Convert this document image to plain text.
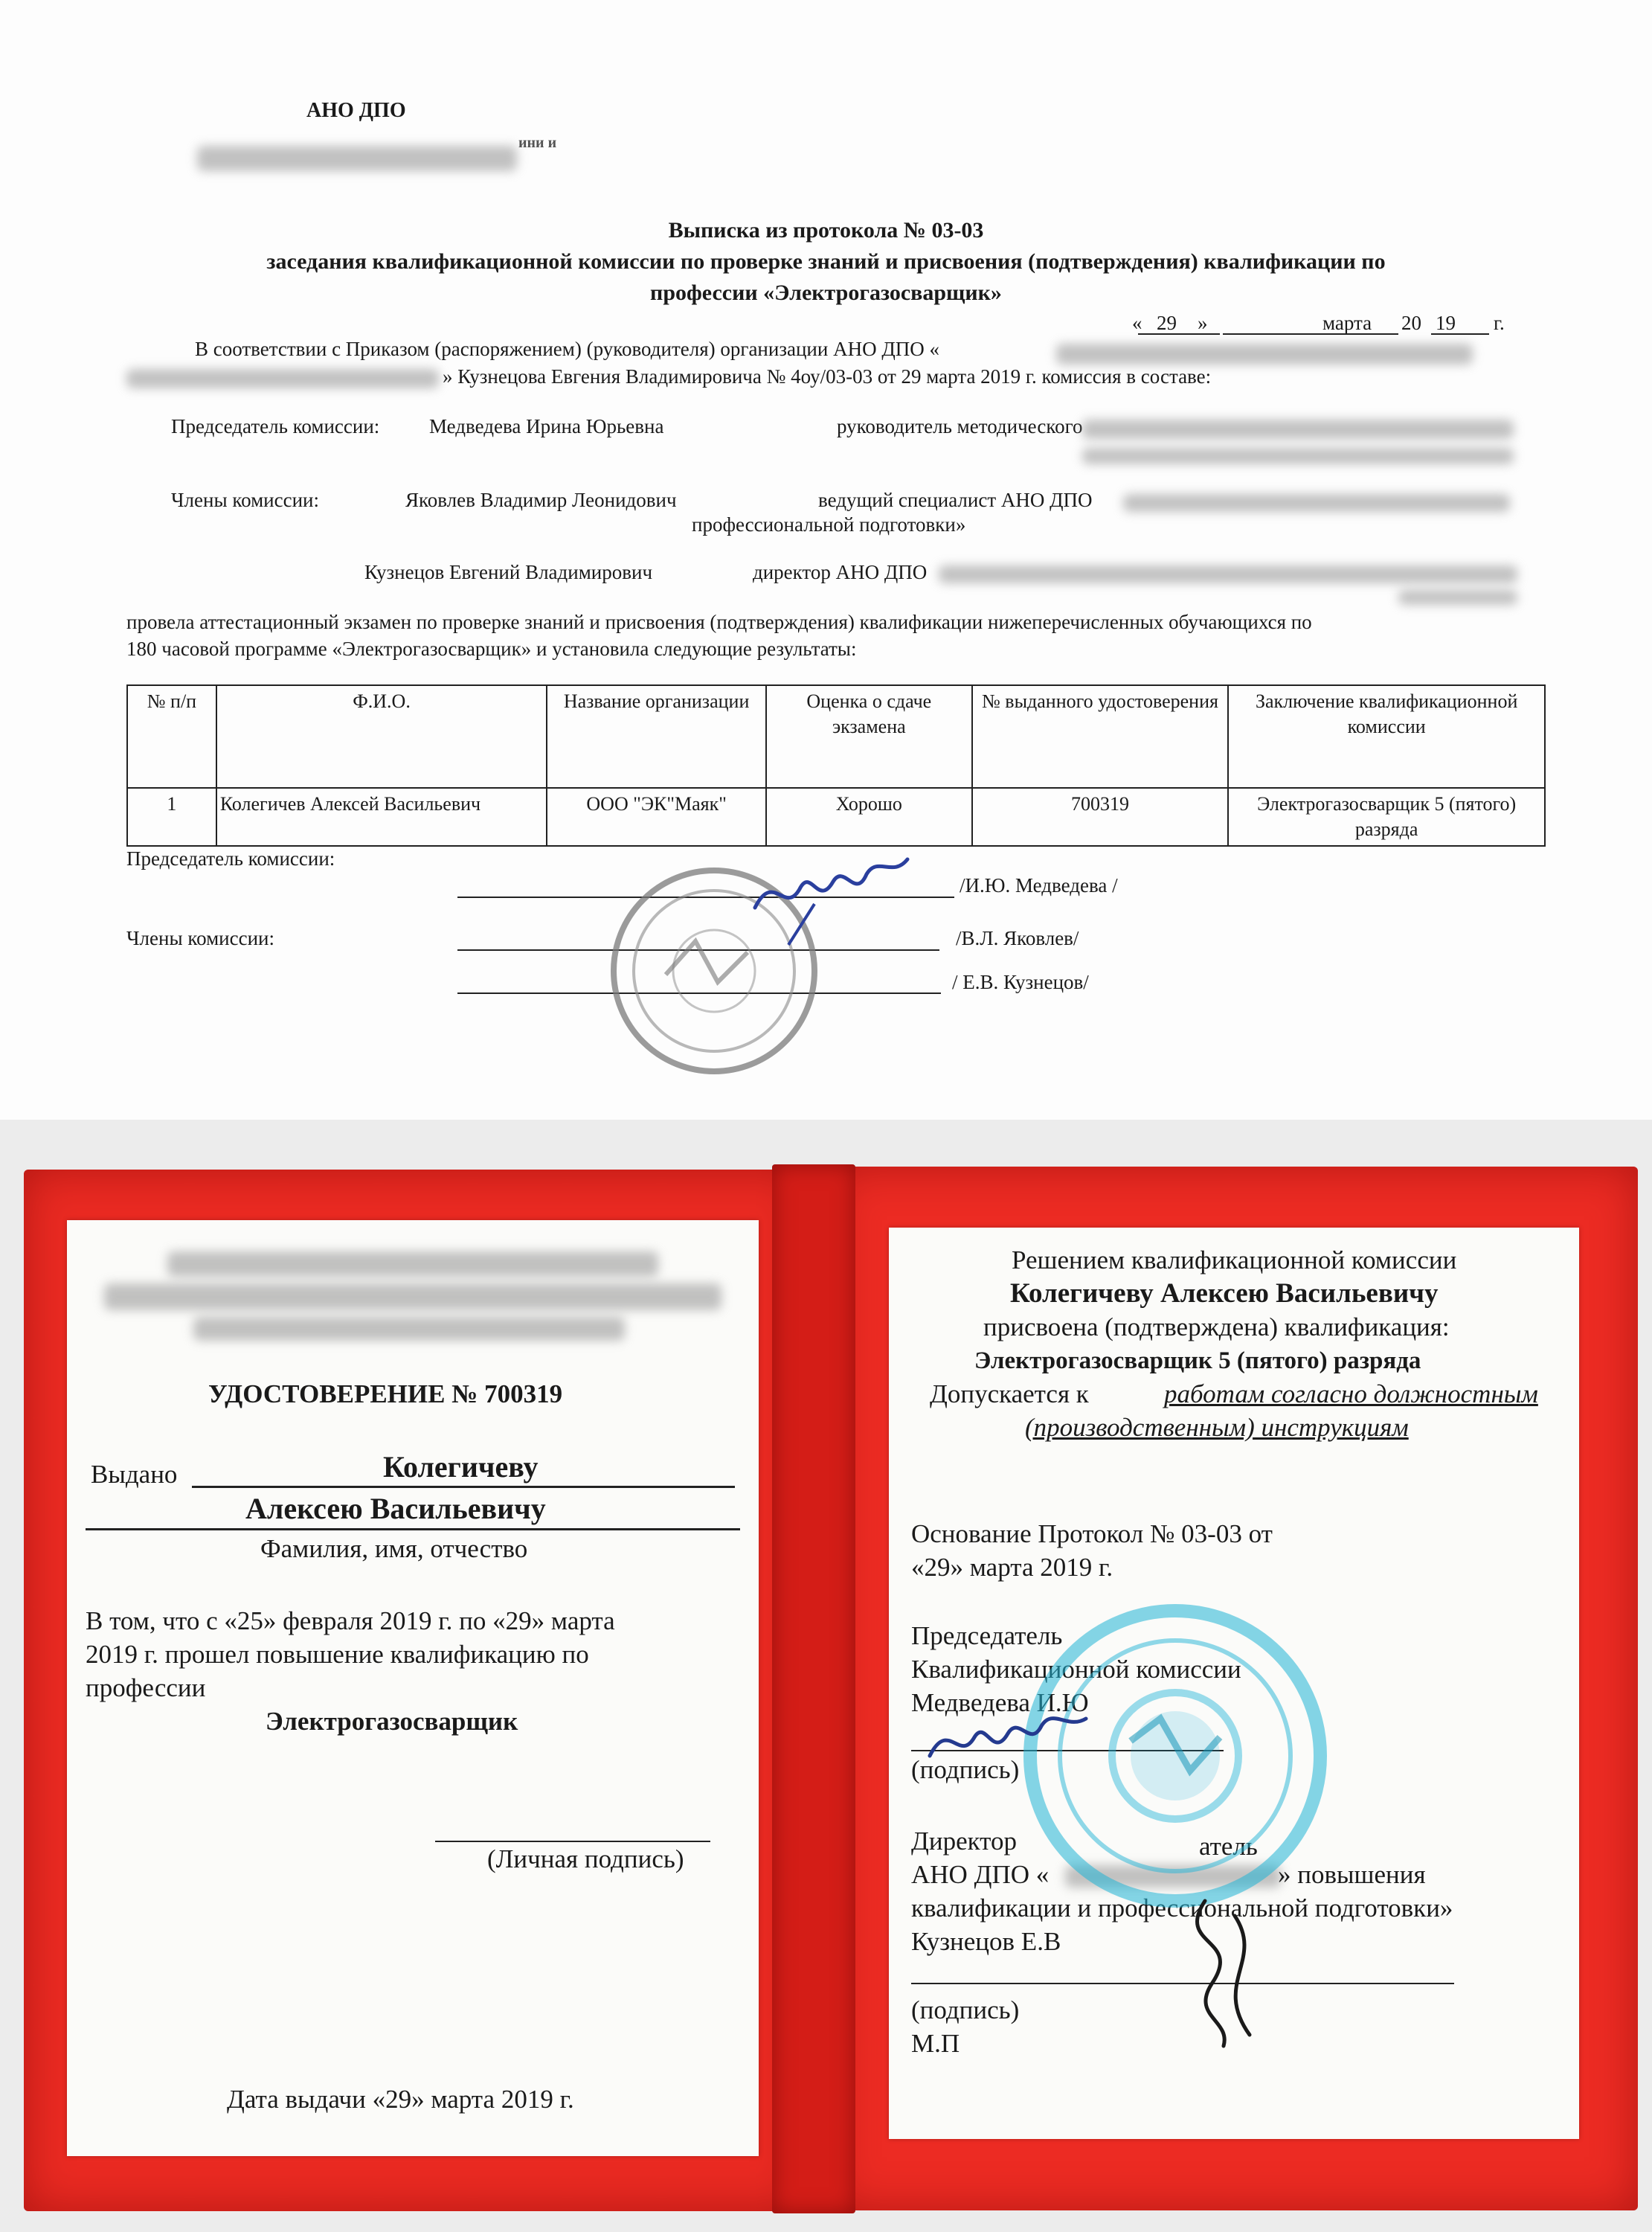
АНО ДПО
ини и
Выписка из протокола № 03-03
заседания квалификационной комиссии по проверке знаний и присвоения (подтверждения) квалификации по
профессии «Электрогазосварщик»
« 29 »	марта 20 19 г.
В соответствии с Приказом (распоряжением) (руководителя) организации АНО ДПО «
» Кузнецова Евгения Владимировича № 4оу/03-03 от 29 марта 2019 г. комиссия в составе:
Председатель комиссии: Медведева Ирина Юрьевна	руководитель методического
Члены комиссии:	Яковлев Владимир Леонидович	ведущий специалист АНО ДПО
профессиональной подготовки»
Кузнецов Евгений Владимирович	директор АНО ДПО
провела аттестационный экзамен по проверке знаний и присвоения (подтверждения) квалификации нижеперечисленных обучающихся по
180 часовой программе «Электрогазосварщик» и установила следующие результаты:
№ п/п	Ф.И.О.	Название организации	Оценка о сдаче экзамена	№ выданного удостоверения	Заключение квалификационной комиссии
1	Колегичев Алексей Васильевич	ООО "ЭК"Маяк"	Хорошо	700319	Электрогазосварщик 5 (пятого) разряда
Председатель комиссии:
/И.Ю. Медведева /
Члены комиссии:	/В.Л. Яковлев/
/ Е.В. Кузнецов/
УДОСТОВЕРЕНИЕ № 700319
Выдано	Колегичеву
Алексею Васильевичу
Фамилия, имя, отчество
В том, что с «25» февраля 2019 г. по «29» марта
2019 г. прошел повышение квалификацию по
профессии
Электрогазосварщик
(Личная подпись)
Дата выдачи «29» марта 2019 г.
Решением квалификационной комиссии
Колегичеву Алексею Васильевичу
присвоена (подтверждена) квалификация:
Электрогазосварщик 5 (пятого) разряда
Допускается к	работам согласно должностным
(производственным) инструкциям
Основание Протокол № 03-03 от
«29» марта 2019 г.
Председатель
Квалификационной комиссии
Медведева И.Ю
(подпись)
Директор	атель
АНО ДПО «	» повышения
квалификации и профессиональной подготовки»
Кузнецов Е.В
(подпись)
М.П
